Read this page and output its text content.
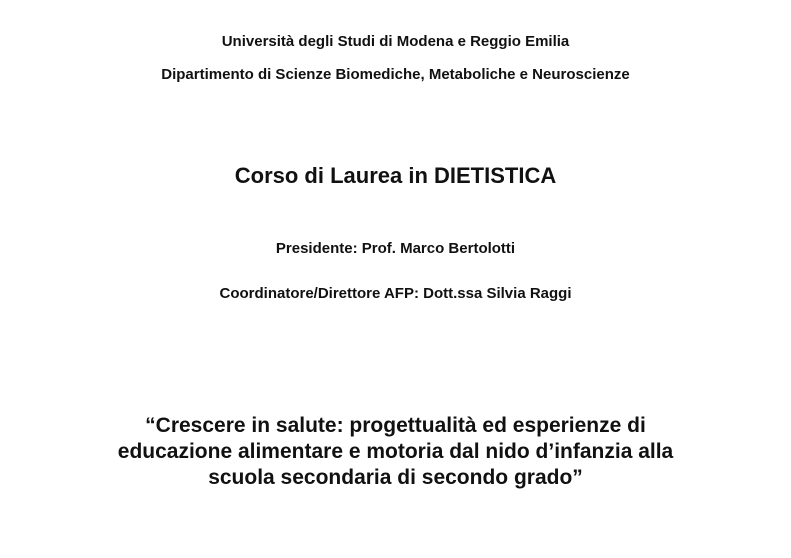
Università degli Studi di Modena e Reggio Emilia
Dipartimento di Scienze Biomediche, Metaboliche e Neuroscienze
Corso di Laurea in DIETISTICA
Presidente: Prof. Marco Bertolotti
Coordinatore/Direttore AFP: Dott.ssa Silvia Raggi
“Crescere in salute: progettualità ed esperienze di
educazione alimentare e motoria dal nido d’infanzia alla
scuola secondaria di secondo grado”
